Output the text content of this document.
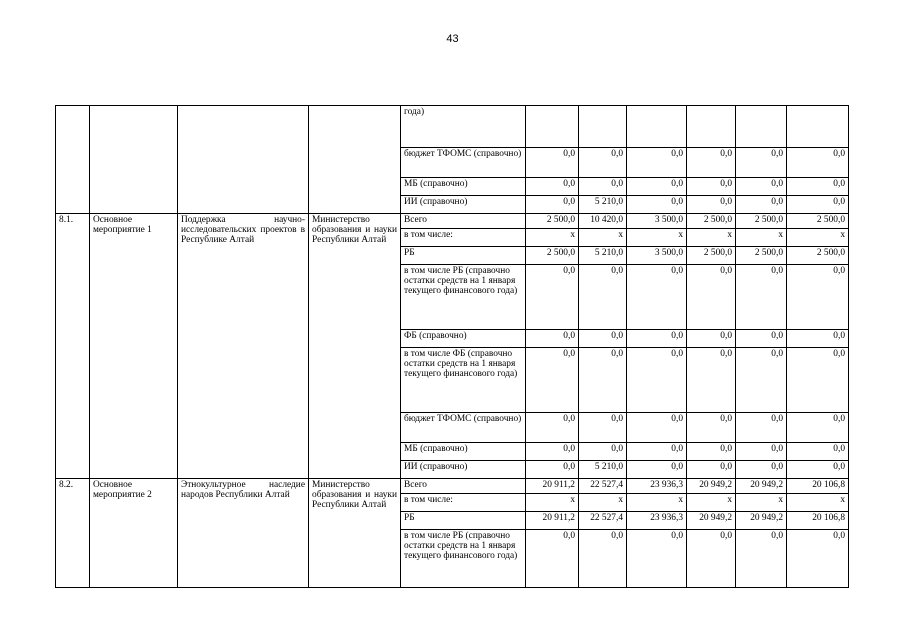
43
				года)						
				бюджет ТФОМС (справочно)	0,0	0,0	0,0	0,0	0,0	0,0
				МБ (справочно)	0,0	0,0	0,0	0,0	0,0	0,0
				ИИ (справочно)	0,0	5 210,0	0,0	0,0	0,0	0,0
8.1.	Основное мероприятие 1	Поддержка научно-исследовательских проектов в Республике Алтай	Министерство образования и науки Республики Алтай	Всего	2 500,0	10 420,0	3 500,0	2 500,0	2 500,0	2 500,0
				в том числе:	x	x	x	x	x	x
				РБ	2 500,0	5 210,0	3 500,0	2 500,0	2 500,0	2 500,0
				в том числе РБ (справочно остатки средств на 1 января текущего финансового года)	0,0	0,0	0,0	0,0	0,0	0,0
				ФБ (справочно)	0,0	0,0	0,0	0,0	0,0	0,0
				в том числе ФБ (справочно остатки средств на 1 января текущего финансового года)	0,0	0,0	0,0	0,0	0,0	0,0
				бюджет ТФОМС (справочно)	0,0	0,0	0,0	0,0	0,0	0,0
				МБ (справочно)	0,0	0,0	0,0	0,0	0,0	0,0
				ИИ (справочно)	0,0	5 210,0	0,0	0,0	0,0	0,0
8.2.	Основное мероприятие 2	Этнокультурное наследие народов Республики Алтай	Министерство образования и науки Республики Алтай	Всего	20 911,2	22 527,4	23 936,3	20 949,2	20 949,2	20 106,8
				в том числе:	x	x	x	x	x	x
				РБ	20 911,2	22 527,4	23 936,3	20 949,2	20 949,2	20 106,8
				в том числе РБ (справочно остатки средств на 1 января текущего финансового года)	0,0	0,0	0,0	0,0	0,0	0,0
